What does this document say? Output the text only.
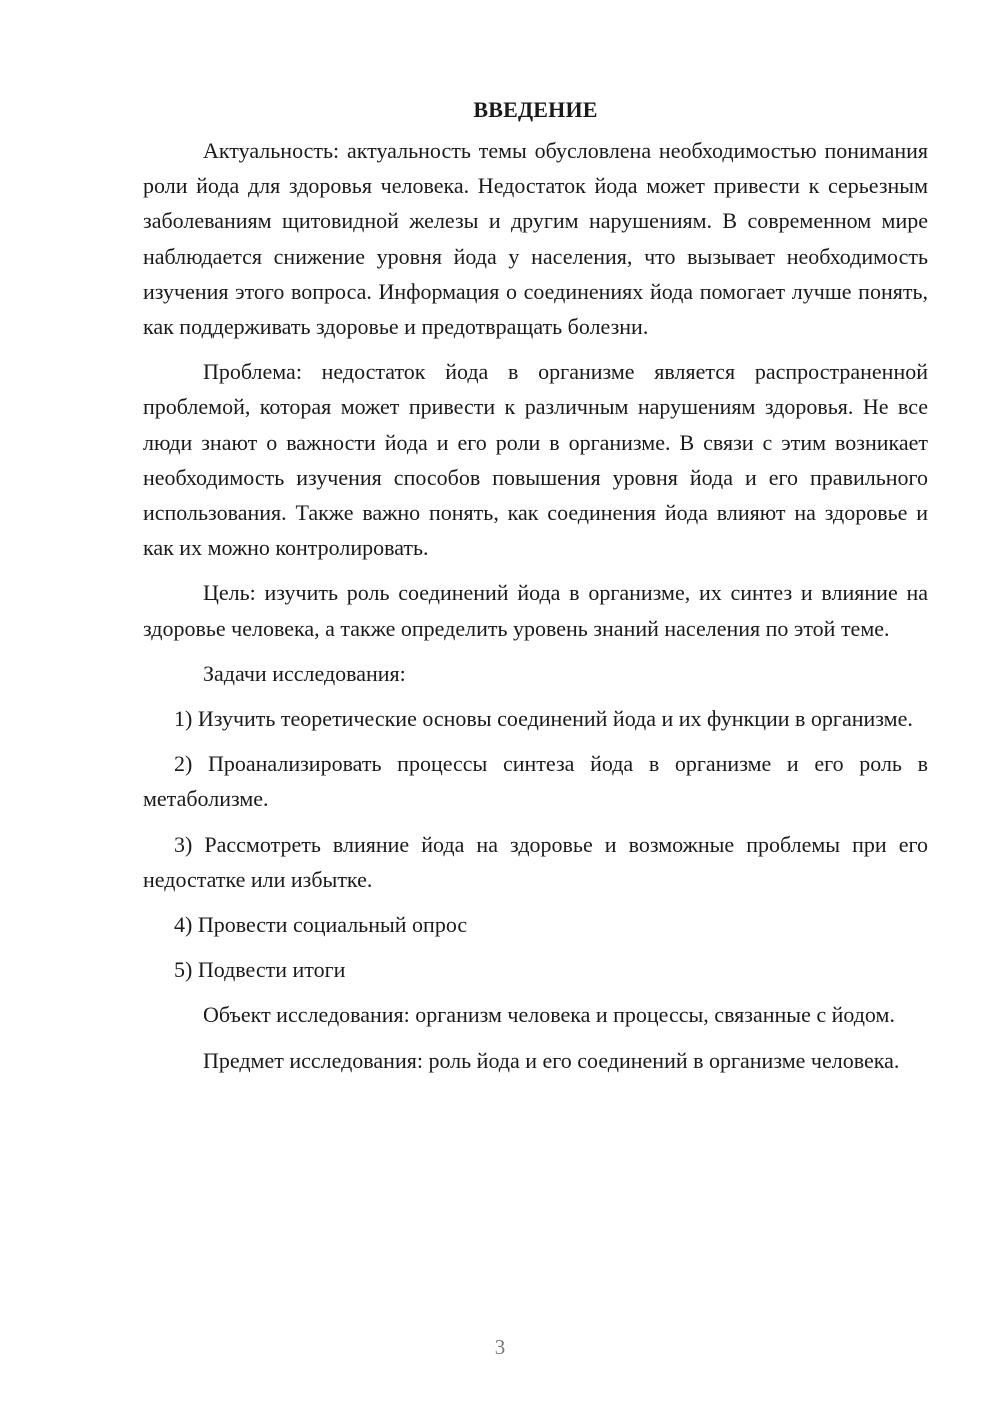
ВВЕДЕНИЕ

Актуальность: актуальность темы обусловлена необходимостью понимания роли йода для здоровья человека. Недостаток йода может привести к серьезным заболеваниям щитовидной железы и другим нарушениям. В современном мире наблюдается снижение уровня йода у населения, что вызывает необходимость изучения этого вопроса. Информация о соединениях йода помогает лучше понять, как поддерживать здоровье и предотвращать болезни.

Проблема: недостаток йода в организме является распространенной проблемой, которая может привести к различным нарушениям здоровья. Не все люди знают о важности йода и его роли в организме. В связи с этим возникает необходимость изучения способов повышения уровня йода и его правильного использования. Также важно понять, как соединения йода влияют на здоровье и как их можно контролировать.

Цель: изучить роль соединений йода в организме, их синтез и влияние на здоровье человека, а также определить уровень знаний населения по этой теме.

Задачи исследования:

1) Изучить теоретические основы соединений йода и их функции в организме.

2) Проанализировать процессы синтеза йода в организме и его роль в метаболизме.

3) Рассмотреть влияние йода на здоровье и возможные проблемы при его недостатке или избытке.

4) Провести социальный опрос

5) Подвести итоги

Объект исследования: организм человека и процессы, связанные с йодом.

Предмет исследования: роль йода и его соединений в организме человека.

3
